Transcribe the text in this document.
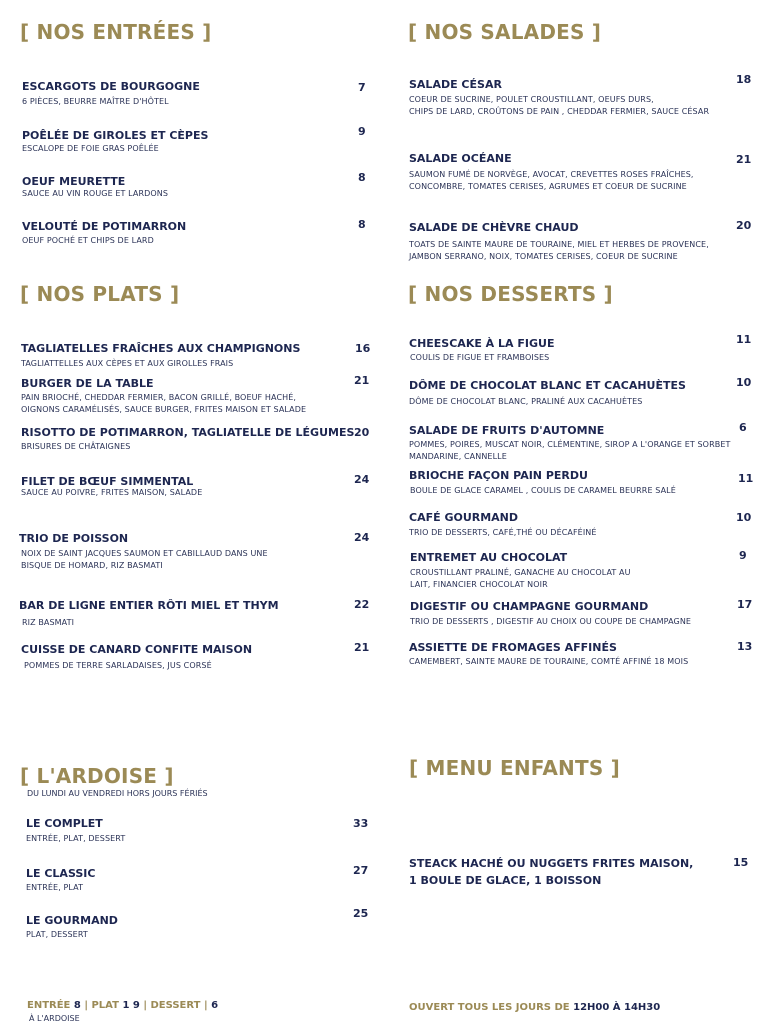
[ NOS ENTRÉES ]
ESCARGOTS DE BOURGOGNE
6 PIÈCES, BEURRE MAÎTRE D'HÔTEL
7
POÊLÉE DE GIROLES ET CÈPES
ESCALOPE DE FOIE GRAS POÊLÉE
9
OEUF MEURETTE
SAUCE AU VIN ROUGE ET LARDONS
8
VELOUTÉ DE POTIMARRON
OEUF POCHÉ ET CHIPS DE LARD
8
[ NOS SALADES ]
SALADE CÉSAR
COEUR DE SUCRINE, POULET CROUSTILLANT, OEUFS DURS,
CHIPS DE LARD, CROÛTONS DE PAIN , CHEDDAR FERMIER, SAUCE CÉSAR
18
SALADE OCÉANE
SAUMON FUMÉ DE NORVÈGE, AVOCAT, CREVETTES ROSES FRAÎCHES,
CONCOMBRE, TOMATES CERISES, AGRUMES ET COEUR DE SUCRINE
21
SALADE DE CHÈVRE CHAUD
TOATS DE SAINTE MAURE DE TOURAINE, MIEL ET HERBES DE PROVENCE,
JAMBON SERRANO, NOIX, TOMATES CERISES, COEUR DE SUCRINE
20
[ NOS PLATS ]
TAGLIATELLES FRAÎCHES AUX CHAMPIGNONS
TAGLIATTELLES AUX CÈPES ET AUX GIROLLES FRAIS
16
BURGER DE LA TABLE
PAIN BRIOCHÉ, CHEDDAR FERMIER, BACON GRILLÉ, BOEUF HACHÉ,
OIGNONS CARAMÉLISÉS, SAUCE BURGER, FRITES MAISON ET SALADE
21
RISOTTO DE POTIMARRON, TAGLIATELLE DE LÉGUMES
BRISURES DE CHÂTAIGNES
20
FILET DE BŒUF SIMMENTAL
SAUCE AU POIVRE, FRITES MAISON, SALADE
24
TRIO DE POISSON
NOIX DE SAINT JACQUES SAUMON ET CABILLAUD DANS UNE
BISQUE DE HOMARD, RIZ BASMATI
24
BAR DE LIGNE ENTIER RÔTI MIEL ET THYM
RIZ BASMATI
22
CUISSE DE CANARD CONFITE MAISON
POMMES DE TERRE SARLADAISES, JUS CORSÉ
21
[ NOS DESSERTS ]
CHEESCAKE À LA FIGUE
COULIS DE FIGUE ET FRAMBOISES
11
DÔME DE CHOCOLAT BLANC ET CACAHUÈTES
DÔME DE CHOCOLAT BLANC, PRALINÉ AUX CACAHUÈTES
10
SALADE DE FRUITS D'AUTOMNE
POMMES, POIRES, MUSCAT NOIR, CLÉMENTINE, SIROP A L'ORANGE ET SORBET
MANDARINE, CANNELLE
6
BRIOCHE FAÇON PAIN PERDU
BOULE DE GLACE CARAMEL , COULIS DE CARAMEL BEURRE SALÉ
11
CAFÉ GOURMAND
TRIO DE DESSERTS, CAFÉ,THÉ OU DÉCAFÉINÉ
10
ENTREMET AU CHOCOLAT
CROUSTILLANT PRALINÉ, GANACHE AU CHOCOLAT AU
LAIT, FINANCIER CHOCOLAT NOIR
9
DIGESTIF OU CHAMPAGNE GOURMAND
TRIO DE DESSERTS , DIGESTIF AU CHOIX OU COUPE DE CHAMPAGNE
17
ASSIETTE DE FROMAGES AFFINÉS
CAMEMBERT, SAINTE MAURE DE TOURAINE, COMTÉ AFFINÉ 18 MOIS
13
[ L'ARDOISE ]
DU LUNDI AU VENDREDI HORS JOURS FÉRIÉS
LE COMPLET
ENTRÉE, PLAT, DESSERT
33
LE CLASSIC
ENTRÉE, PLAT
27
LE GOURMAND
PLAT, DESSERT
25
[ MENU ENFANTS ]
STEACK HACHÉ OU NUGGETS FRITES MAISON,
1 BOULE DE GLACE, 1 BOISSON
15
ENTRÉE 8 | PLAT 1 9 | DESSERT | 6
À L'ARDOISE
OUVERT TOUS LES JOURS DE 12H00 À 14H30
